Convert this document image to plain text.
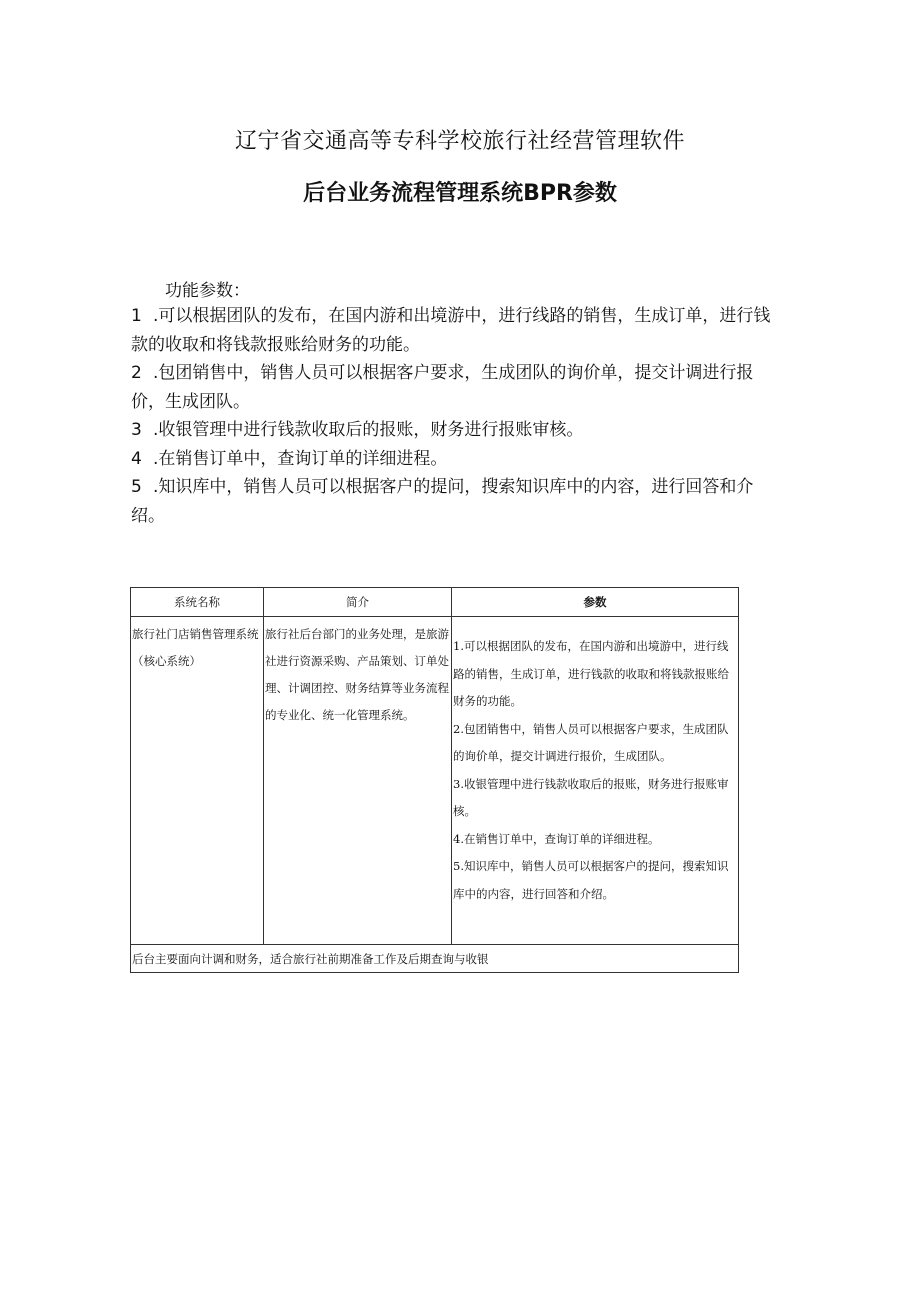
辽宁省交通高等专科学校旅行社经营管理软件
后台业务流程管理系统BPR参数
功能参数：

1 .可以根据团队的发布，在国内游和出境游中，进行线路的销售，生成订单，进行钱款的收取和将钱款报账给财务的功能。

2 .包团销售中，销售人员可以根据客户要求，生成团队的询价单，提交计调进行报价，生成团队。

3 .收银管理中进行钱款收取后的报账，财务进行报账审核。

4 .在销售订单中，查询订单的详细进程。

5 .知识库中，销售人员可以根据客户的提问，搜索知识库中的内容，进行回答和介绍。

系统名称	简介	参数
旅行社门店销售管理系统（核心系统）	旅行社后台部门的业务处理，是旅游社进行资源采购、产品策划、订单处理、计调团控、财务结算等业务流程的专业化、统一化管理系统。	1.可以根据团队的发布，在国内游和出境游中，进行线路的销售，生成订单，进行钱款的收取和将钱款报账给财务的功能。
2.包团销售中，销售人员可以根据客户要求，生成团队的询价单，提交计调进行报价，生成团队。
3.收银管理中进行钱款收取后的报账，财务进行报账审核。
4.在销售订单中，查询订单的详细进程。
5.知识库中，销售人员可以根据客户的提问，搜索知识库中的内容，进行回答和介绍。

后台主要面向计调和财务，适合旅行社前期准备工作及后期查询与收银		
